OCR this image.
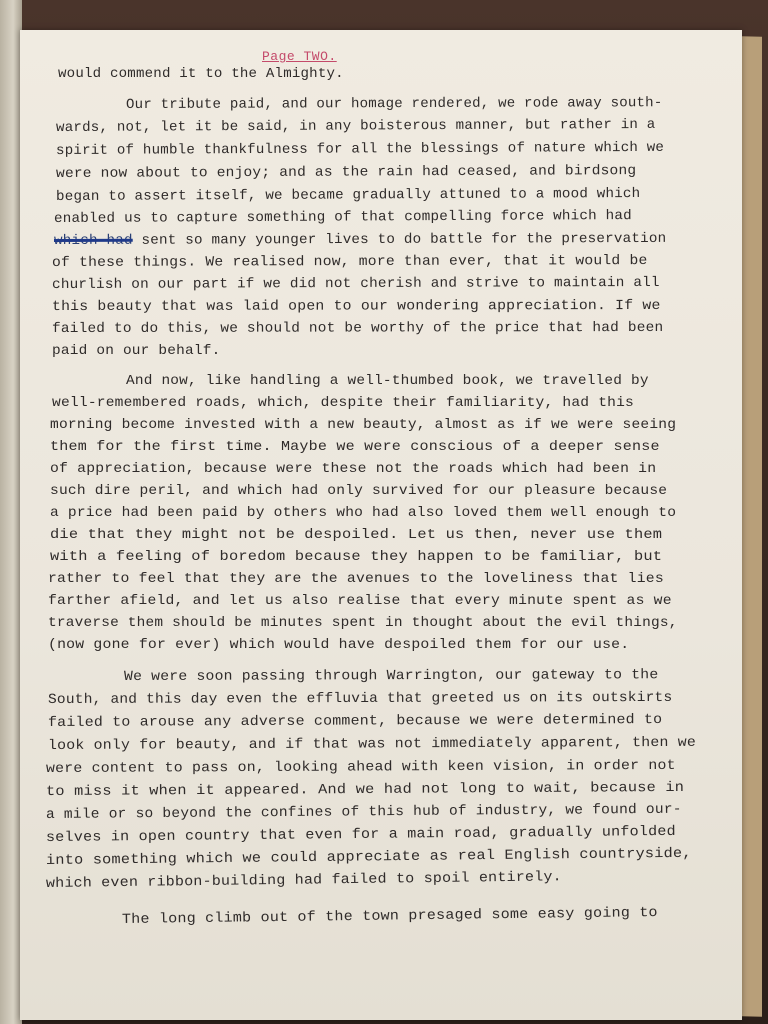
Page TWO.
would commend it to the Almighty.
Our tribute paid, and our homage rendered, we rode away south-
wards, not, let it be said, in any boisterous manner, but rather in a
spirit of humble thankfulness for all the blessings of nature which we
were now about to enjoy; and as the rain had ceased, and birdsong
began to assert itself, we became gradually attuned to a mood which
enabled us to capture something of that compelling force which had
which had sent so many younger lives to do battle for the preservation
of these things. We realised now, more than ever, that it would be
churlish on our part if we did not cherish and strive to maintain all
this beauty that was laid open to our wondering appreciation. If we
failed to do this, we should not be worthy of the price that had been
paid on our behalf.
And now, like handling a well-thumbed book, we travelled by
well-remembered roads, which, despite their familiarity, had this
morning become invested with a new beauty, almost as if we were seeing
them for the first time. Maybe we were conscious of a deeper sense
of appreciation, because were these not the roads which had been in
such dire peril, and which had only survived for our pleasure because
a price had been paid by others who had also loved them well enough to
die that they might not be despoiled. Let us then, never use them
with a feeling of boredom because they happen to be familiar, but
rather to feel that they are the avenues to the loveliness that lies
farther afield, and let us also realise that every minute spent as we
traverse them should be minutes spent in thought about the evil things,
(now gone for ever) which would have despoiled them for our use.
We were soon passing through Warrington, our gateway to the
South, and this day even the effluvia that greeted us on its outskirts
failed to arouse any adverse comment, because we were determined to
look only for beauty, and if that was not immediately apparent, then we
were content to pass on, looking ahead with keen vision, in order not
to miss it when it appeared. And we had not long to wait, because in
a mile or so beyond the confines of this hub of industry, we found our-
selves in open country that even for a main road, gradually unfolded
into something which we could appreciate as real English countryside,
which even ribbon-building had failed to spoil entirely.
The long climb out of the town presaged some easy going to
